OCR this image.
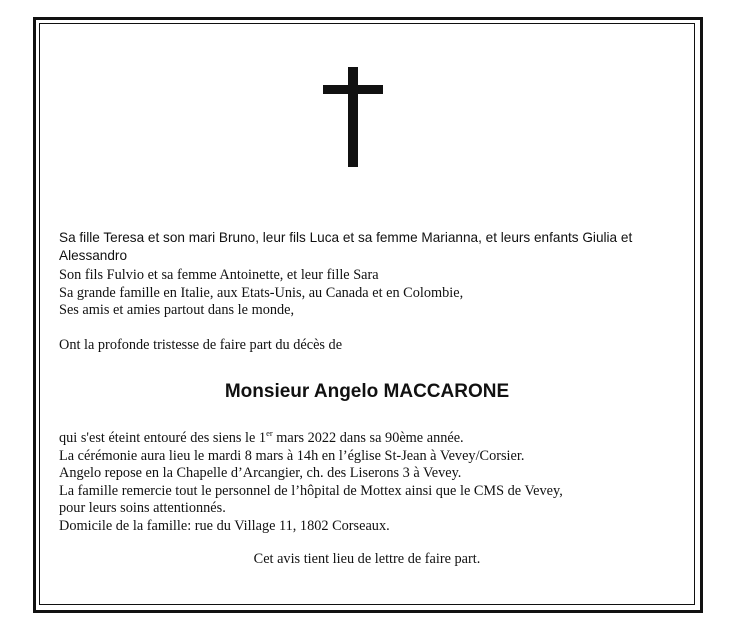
Sa fille Teresa et son mari Bruno, leur fils Luca et sa femme Marianna, et leurs enfants Giulia et Alessandro
Son fils Fulvio et sa femme Antoinette, et leur fille Sara
Sa grande famille en Italie, aux Etats-Unis, au Canada et en Colombie,
Ses amis et amies partout dans le monde,
Ont la profonde tristesse de faire part du décès de
Monsieur Angelo MACCARONE
qui s'est éteint entouré des siens le 1er mars 2022 dans sa 90ème année.
La cérémonie aura lieu le mardi 8 mars à 14h en l’église St-Jean à Vevey/Corsier.
Angelo repose en la Chapelle d’Arcangier, ch. des Liserons 3 à Vevey.
La famille remercie tout le personnel de l’hôpital de Mottex ainsi que le CMS de Vevey,
pour leurs soins attentionnés.
Domicile de la famille: rue du Village 11, 1802 Corseaux.
Cet avis tient lieu de lettre de faire part.
